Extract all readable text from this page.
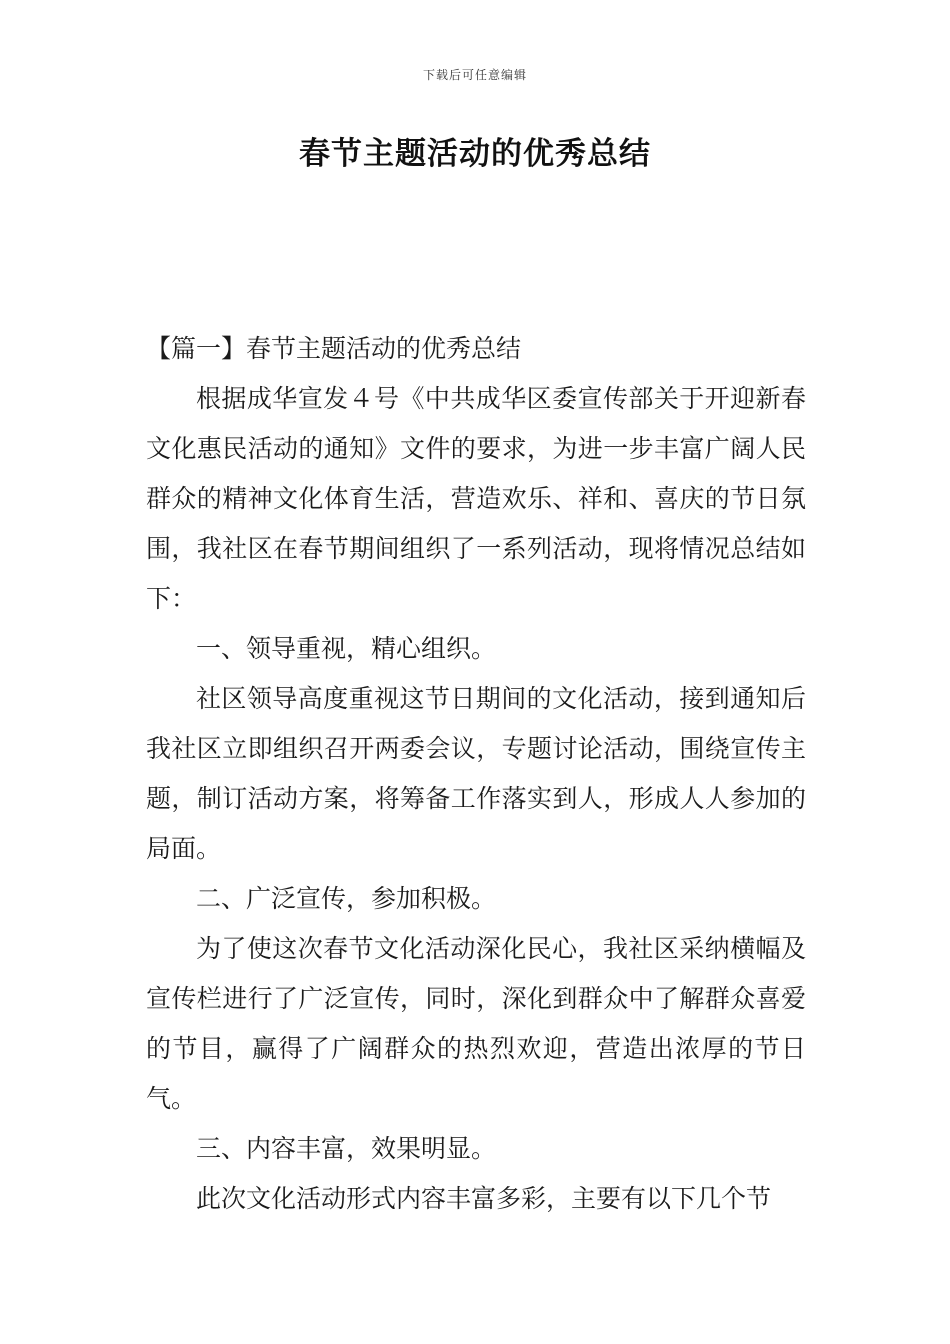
下载后可任意编辑
春节主题活动的优秀总结

【篇一】春节主题活动的优秀总结

根据成华宣发４号《中共成华区委宣传部关于开迎新春文化惠民活动的通知》文件的要求，为进一步丰富广阔人民群众的精神文化体育生活，营造欢乐、祥和、喜庆的节日氛围，我社区在春节期间组织了一系列活动，现将情况总结如下：

一、领导重视，精心组织。

社区领导高度重视这节日期间的文化活动，接到通知后我社区立即组织召开两委会议，专题讨论活动，围绕宣传主题，制订活动方案，将筹备工作落实到人，形成人人参加的局面。

二、广泛宣传，参加积极。

为了使这次春节文化活动深化民心，我社区采纳横幅及宣传栏进行了广泛宣传，同时，深化到群众中了解群众喜爱的节目，赢得了广阔群众的热烈欢迎，营造出浓厚的节日气。

三、内容丰富，效果明显。

此次文化活动形式内容丰富多彩，主要有以下几个节
